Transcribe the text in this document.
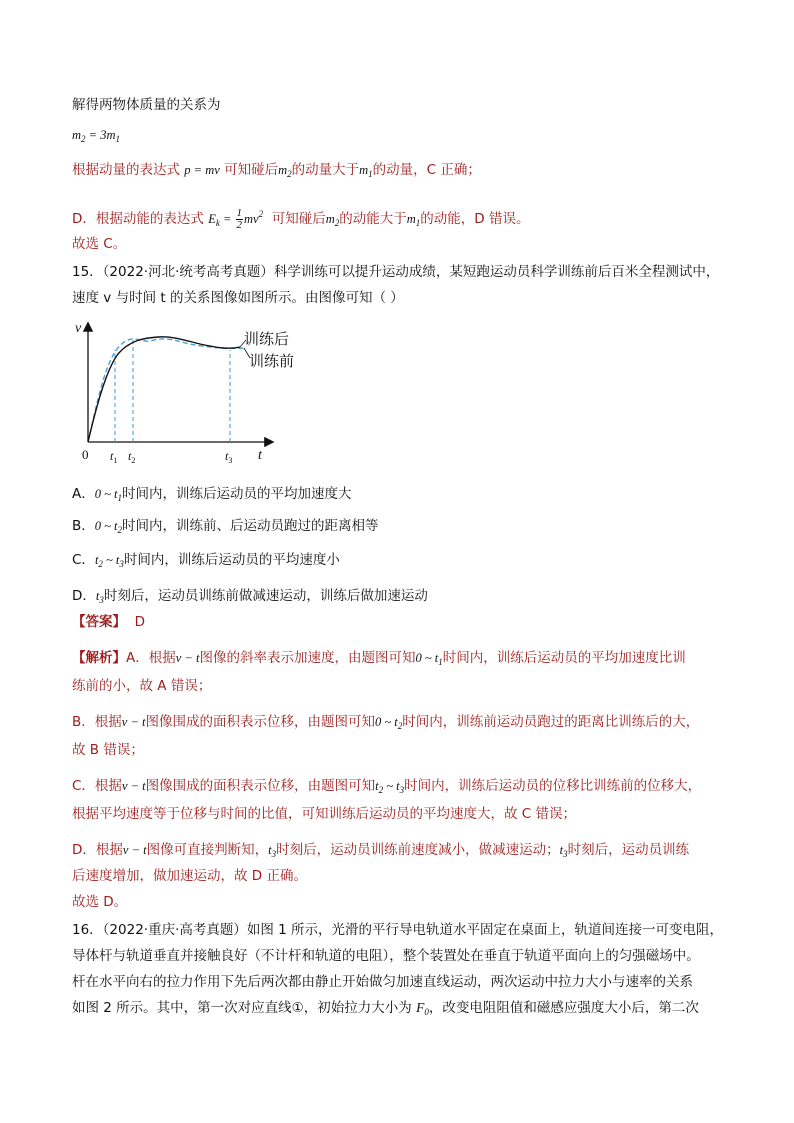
解得两物体质量的关系为
$m_2 = 3m_1$
根据动量的表达式 p = mv 可知碰后$m_2$的动量大于$m_1$的动量，C 正确；
D．根据动能的表达式 $E_k = \frac{1}{2} mv^2$ 可知碰后$m_2$的动能大于$m_1$的动能，D 错误。
故选 C。
15．（2022·河北·统考高考真题）科学训练可以提升运动成绩，某短跑运动员科学训练前后百米全程测试中，
速度 v 与时间 t 的关系图像如图所示。由图像可知（ ）
v
t
0 $t_1$ $t_2$	$t_3$
训练后
训练前
A．0 ~ $t_1$时间内，训练后运动员的平均加速度大
B．0 ~ $t_2$时间内，训练前、后运动员跑过的距离相等
C．$t_2$ ~ $t_3$时间内，训练后运动员的平均速度小
D．$t_3$时刻后，运动员训练前做减速运动，训练后做加速运动
【答案】 D
【解析】A．根据v − t图像的斜率表示加速度，由题图可知0 ~ $t_1$时间内，训练后运动员的平均加速度比训
练前的小，故 A 错误；
B．根据v − t图像围成的面积表示位移，由题图可知0 ~ $t_2$时间内，训练前运动员跑过的距离比训练后的大，
故 B 错误；
C．根据v − t图像围成的面积表示位移，由题图可知$t_2$ ~ $t_3$时间内，训练后运动员的位移比训练前的位移大，
根据平均速度等于位移与时间的比值，可知训练后运动员的平均速度大，故 C 错误；
D．根据v − t图像可直接判断知，$t_3$时刻后，运动员训练前速度减小，做减速运动；$t_3$时刻后，运动员训练
后速度增加，做加速运动，故 D 正确。
故选 D。
16．（2022·重庆·高考真题）如图 1 所示，光滑的平行导电轨道水平固定在桌面上，轨道间连接一可变电阻，
导体杆与轨道垂直并接触良好（不计杆和轨道的电阻），整个装置处在垂直于轨道平面向上的匀强磁场中。
杆在水平向右的拉力作用下先后两次都由静止开始做匀加速直线运动，两次运动中拉力大小与速率的关系
如图 2 所示。其中，第一次对应直线①，初始拉力大小为 $F_0$，改变电阻阻值和磁感应强度大小后，第二次
